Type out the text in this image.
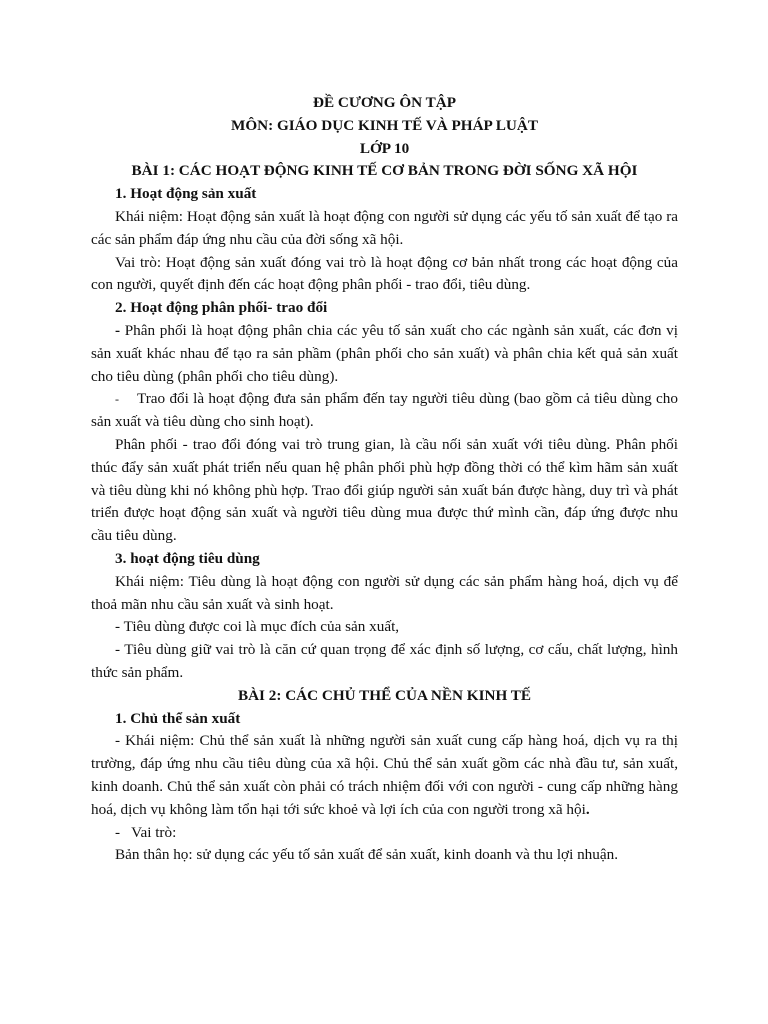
ĐỀ CƯƠNG ÔN TẬP
MÔN: GIÁO DỤC KINH TẾ VÀ PHÁP LUẬT
LỚP 10
BÀI 1: CÁC HOẠT ĐỘNG KINH TẾ CƠ BẢN TRONG ĐỜI SỐNG XÃ HỘI
1. Hoạt động sản xuất

Khái niệm: Hoạt động sản xuất là hoạt động con người sử dụng các yếu tố sản xuất để tạo ra các sản phẩm đáp ứng nhu cầu của đời sống xã hội.

Vai trò: Hoạt động sản xuất đóng vai trò là hoạt động cơ bản nhất trong các hoạt động của con người, quyết định đến các hoạt động phân phối - trao đổi, tiêu dùng.

2. Hoạt động phân phối- trao đổi

- Phân phối là hoạt động phân chia các yêu tố sản xuất cho các ngành sản xuất, các đơn vị sản xuất khác nhau để tạo ra sản phầm (phân phối cho sản xuất) và phân chia kết quả sản xuất cho tiêu dùng (phân phối cho tiêu dùng).

- Trao đổi là hoạt động đưa sản phẩm đến tay người tiêu dùng (bao gồm cả tiêu dùng cho sản xuất và tiêu dùng cho sinh hoạt).

Phân phối - trao đổi đóng vai trò trung gian, là cầu nối sản xuất với tiêu dùng. Phân phối thúc đẩy sản xuất phát triển nếu quan hệ phân phối phù hợp đồng thời có thể kìm hãm sản xuất và tiêu dùng khi nó không phù hợp. Trao đổi giúp người sản xuất bán được hàng, duy trì và phát triển được hoạt động sản xuất và người tiêu dùng mua được thứ mình cần, đáp ứng được nhu cầu tiêu dùng.

3. hoạt động tiêu dùng

Khái niệm: Tiêu dùng là hoạt động con người sử dụng các sản phẩm hàng hoá, dịch vụ để thoả mãn nhu cầu sản xuất và sinh hoạt.

- Tiêu dùng được coi là mục đích của sản xuất,

- Tiêu dùng giữ vai trò là căn cứ quan trọng để xác định số lượng, cơ cấu, chất lượng, hình thức sản phẩm.

BÀI 2: CÁC CHỦ THỂ CỦA NỀN KINH TẾ
1. Chủ thể sản xuất

- Khái niệm: Chủ thể sản xuất là những người sản xuất cung cấp hàng hoá, dịch vụ ra thị trường, đáp ứng nhu cầu tiêu dùng của xã hội. Chủ thể sản xuất gồm các nhà đầu tư, sản xuất, kinh doanh. Chủ thể sản xuất còn phải có trách nhiệm đối với con người - cung cấp những hàng hoá, dịch vụ không làm tổn hại tới sức khoẻ và lợi ích của con người trong xã hội.

-   Vai trò:

Bản thân họ: sử dụng các yếu tố sản xuất để sản xuất, kinh doanh và thu lợi nhuận.
